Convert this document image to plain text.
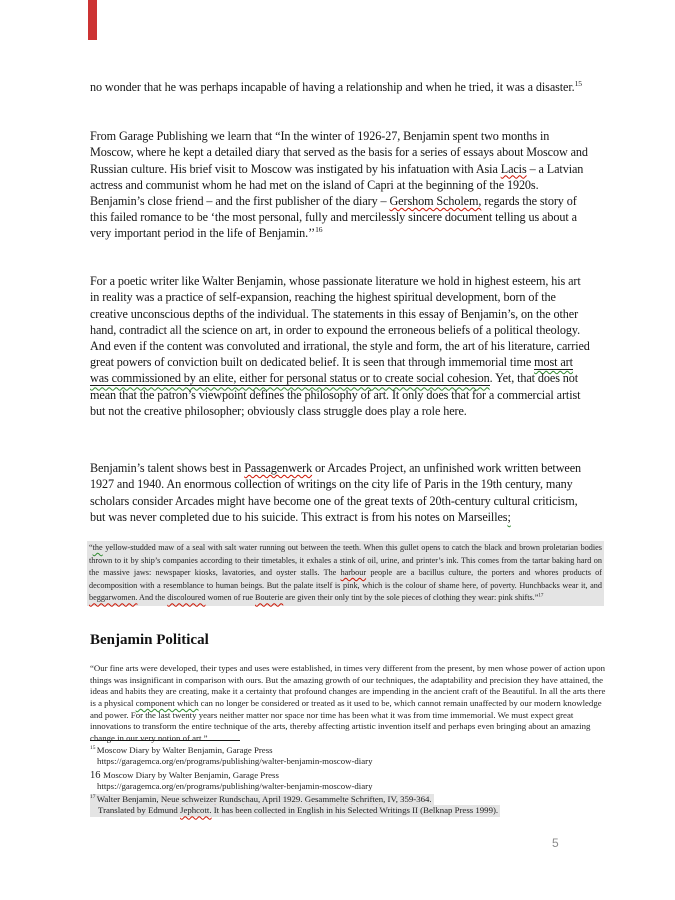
no wonder that he was perhaps incapable of having a relationship and when he tried, it was a disaster.$^{15}$

From Garage Publishing we learn that “In the winter of 1926-27, Benjamin spent two months in Moscow, where he kept a detailed diary that served as the basis for a series of essays about Moscow and Russian culture. His brief visit to Moscow was instigated by his infatuation with Asia Lacis – a Latvian actress and communist whom he had met on the island of Capri at the beginning of the 1920s. Benjamin’s close friend – and the first publisher of the diary – Gershom Scholem, regards the story of this failed romance to be ‘the most personal, fully and mercilessly sincere document telling us about a very important period in the life of Benjamin.’’$^{16}$

For a poetic writer like Walter Benjamin, whose passionate literature we hold in highest esteem, his art in reality was a practice of self-expansion, reaching the highest spiritual development, born of the creative unconscious depths of the individual. The statements in this essay of Benjamin’s, on the other hand, contradict all the science on art, in order to expound the erroneous beliefs of a political theology. And even if the content was convoluted and irrational, the style and form, the art of his literature, carried great powers of conviction built on dedicated belief. It is seen that through immemorial time most art was commissioned by an elite, either for personal status or to create social cohesion. Yet, that does not mean that the patron’s viewpoint defines the philosophy of art. It only does that for a commercial artist but not the creative philosopher; obviously class struggle does play a role here.

Benjamin’s talent shows best in Passagenwerk or Arcades Project, an unfinished work written between 1927 and 1940. An enormous collection of writings on the city life of Paris in the 19th century, many scholars consider Arcades might have become one of the great texts of 20th-century cultural criticism, but was never completed due to his suicide. This extract is from his notes on Marseilles;

“the yellow-studded maw of a seal with salt water running out between the teeth. When this gullet opens to catch the black and brown proletarian bodies thrown to it by ship’s companies according to their timetables, it exhales a stink of oil, urine, and printer’s ink. This comes from the tartar baking hard on the massive jaws: newspaper kiosks, lavatories, and oyster stalls. The harbour people are a bacillus culture, the porters and whores products of decomposition with a resemblance to human beings. But the palate itself is pink, which is the colour of shame here, of poverty. Hunchbacks wear it, and beggarwomen. And the discoloured women of rue Bouterie are given their only tint by the sole pieces of clothing they wear: pink shifts.”$^{17}$
Benjamin Political

“Our fine arts were developed, their types and uses were established, in times very different from the present, by men whose power of action upon things was insignificant in comparison with ours. But the amazing growth of our techniques, the adaptability and precision they have attained, the ideas and habits they are creating, make it a certainty that profound changes are impending in the ancient craft of the Beautiful. In all the arts there is a physical component which can no longer be considered or treated as it used to be, which cannot remain unaffected by our modern knowledge and power. For the last twenty years neither matter nor space nor time has been what it was from time immemorial. We must expect great innovations to transform the entire technique of the arts, thereby affecting artistic invention itself and perhaps even bringing about an amazing change in our very notion of art.”

$^{15}$ Moscow Diary by Walter Benjamin, Garage Press
https://garagemca.org/en/programs/publishing/walter-benjamin-moscow-diary
16 Moscow Diary by Walter Benjamin, Garage Press
https://garagemca.org/en/programs/publishing/walter-benjamin-moscow-diary
$^{17}$ Walter Benjamin, Neue schweizer Rundschau, April 1929. Gesammelte Schriften, IV, 359-364.
Translated by Edmund Jephcott. It has been collected in English in his Selected Writings II (Belknap Press 1999).
5
